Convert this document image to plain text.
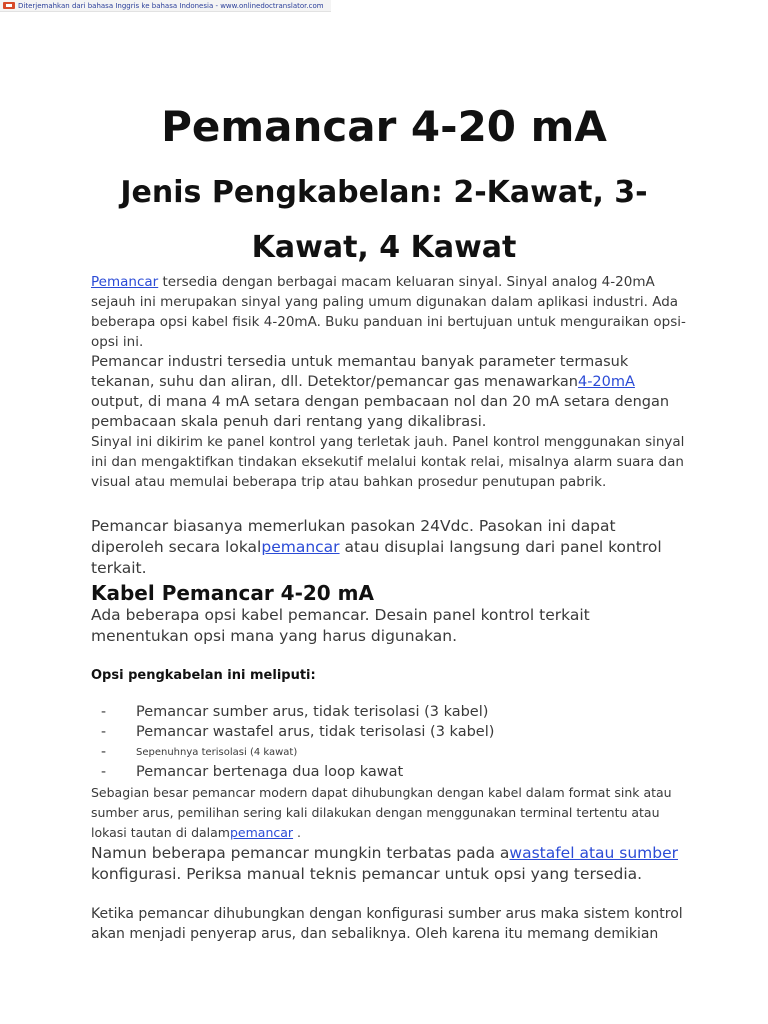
Diterjemahkan dari bahasa Inggris ke bahasa Indonesia - www.onlinedoctranslator.com
Pemancar 4-20 mA
Jenis Pengkabelan: 2-Kawat, 3-Kawat, 4 Kawat

Pemancar tersedia dengan berbagai macam keluaran sinyal. Sinyal analog 4-20mA sejauh ini merupakan sinyal yang paling umum digunakan dalam aplikasi industri. Ada beberapa opsi kabel fisik 4-20mA. Buku panduan ini bertujuan untuk menguraikan opsi-opsi ini.

Pemancar industri tersedia untuk memantau banyak parameter termasuk tekanan, suhu dan aliran, dll. Detektor/pemancar gas menawarkan4-20mA output, di mana 4 mA setara dengan pembacaan nol dan 20 mA setara dengan pembacaan skala penuh dari rentang yang dikalibrasi.

Sinyal ini dikirim ke panel kontrol yang terletak jauh. Panel kontrol menggunakan sinyal ini dan mengaktifkan tindakan eksekutif melalui kontak relai, misalnya alarm suara dan visual atau memulai beberapa trip atau bahkan prosedur penutupan pabrik.

Pemancar biasanya memerlukan pasokan 24Vdc. Pasokan ini dapat diperoleh secara lokalpemancar atau disuplai langsung dari panel kontrol terkait.

Kabel Pemancar 4-20 mA

Ada beberapa opsi kabel pemancar. Desain panel kontrol terkait menentukan opsi mana yang harus digunakan.

Opsi pengkabelan ini meliputi:

-	Pemancar sumber arus, tidak terisolasi (3 kabel)
-	Pemancar wastafel arus, tidak terisolasi (3 kabel)
-	Sepenuhnya terisolasi (4 kawat)
-	Pemancar bertenaga dua loop kawat

Sebagian besar pemancar modern dapat dihubungkan dengan kabel dalam format sink atau sumber arus, pemilihan sering kali dilakukan dengan menggunakan terminal tertentu atau lokasi tautan di dalampemancar .

Namun beberapa pemancar mungkin terbatas pada awastafel atau sumber konfigurasi. Periksa manual teknis pemancar untuk opsi yang tersedia.

Ketika pemancar dihubungkan dengan konfigurasi sumber arus maka sistem kontrol akan menjadi penyerap arus, dan sebaliknya. Oleh karena itu memang demikian
